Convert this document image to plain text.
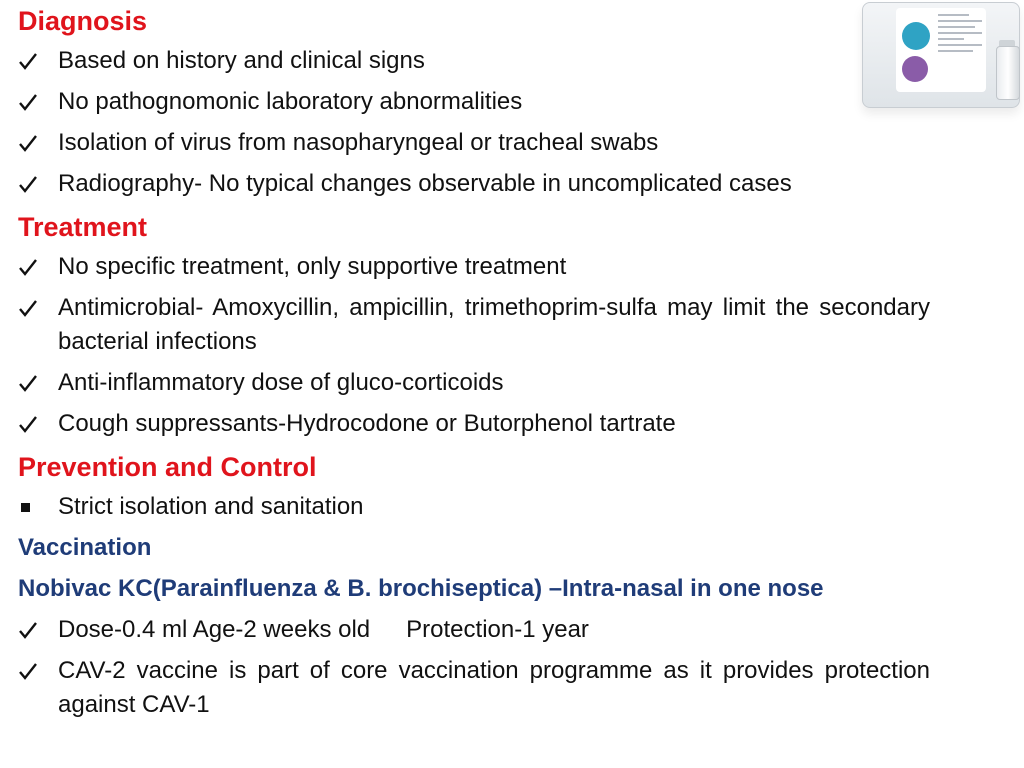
Diagnosis
Based on history and clinical signs
No pathognomonic laboratory abnormalities
Isolation of virus from nasopharyngeal or tracheal swabs
Radiography- No typical changes observable in uncomplicated cases
Treatment
No specific treatment, only supportive treatment
Antimicrobial- Amoxycillin, ampicillin, trimethoprim-sulfa may limit the secondary bacterial infections
Anti-inflammatory dose of gluco-corticoids
Cough suppressants-Hydrocodone or Butorphenol tartrate
Prevention and Control
Strict isolation and sanitation
Vaccination
Nobivac KC(Parainfluenza & B. brochiseptica) –Intra-nasal in one nose
Dose-0.4 ml Age-2 weeks old Protection-1 year
CAV-2 vaccine is part of core vaccination programme as it provides protection against CAV-1
